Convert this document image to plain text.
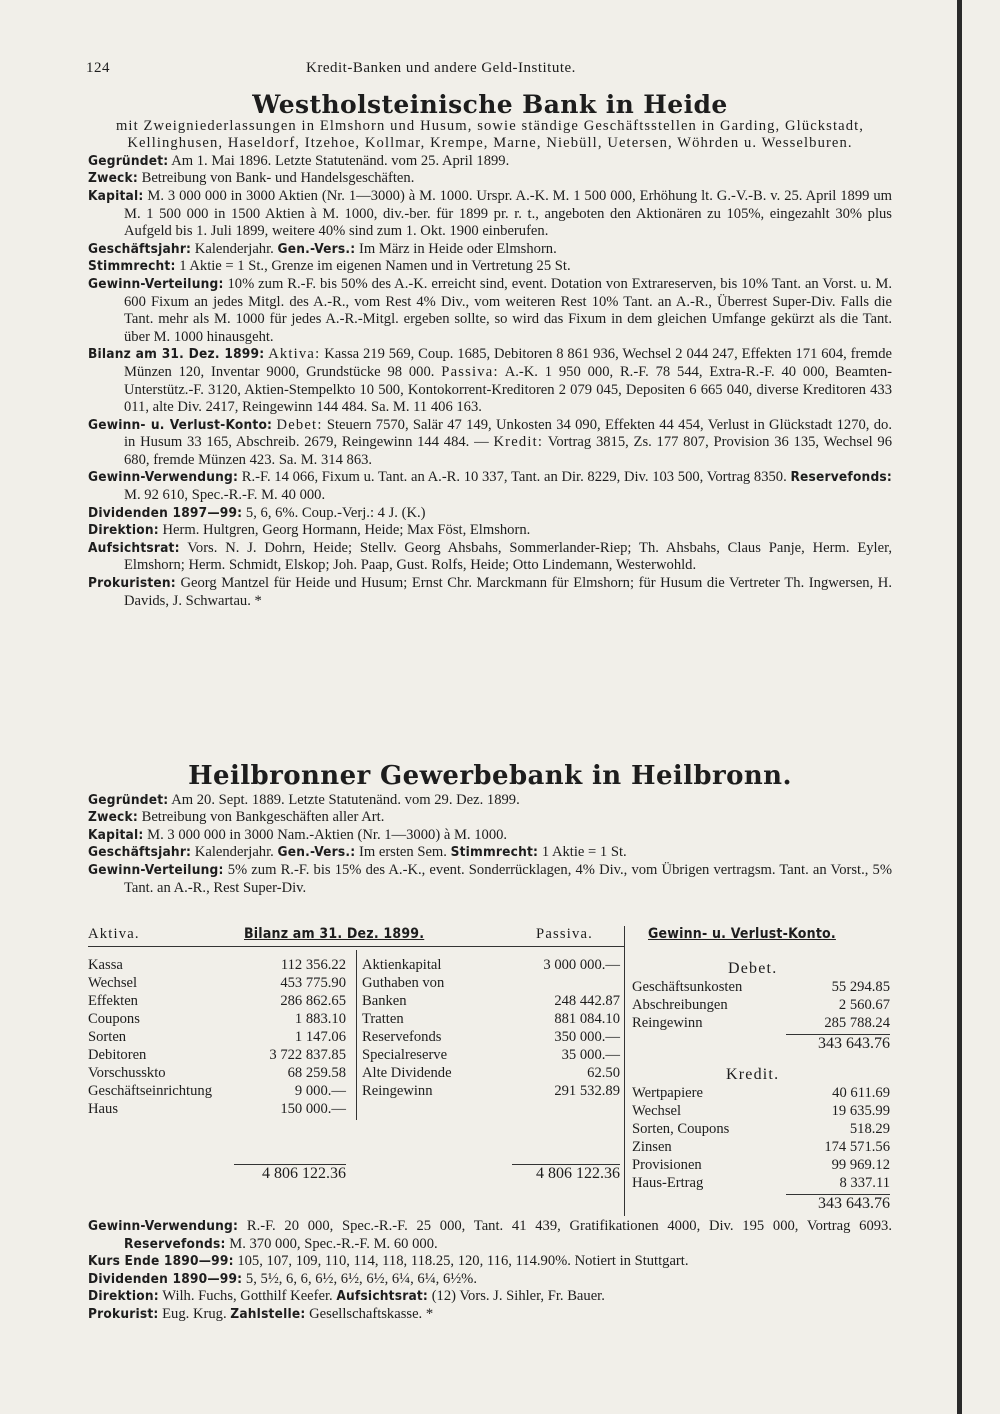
124	Kredit-Banken und andere Geld-Institute.
Westholsteinische Bank in Heide

mit Zweigniederlassungen in Elmshorn und Husum, sowie ständige Geschäftsstellen in Garding, Glückstadt, Kellinghusen, Haseldorf, Itzehoe, Kollmar, Krempe, Marne, Niebüll, Uetersen, Wöhrden u. Wesselburen.

Gegründet: Am 1. Mai 1896. Letzte Statutenänd. vom 25. April 1899.

Zweck: Betreibung von Bank- und Handelsgeschäften.

Kapital: M. 3 000 000 in 3000 Aktien (Nr. 1—3000) à M. 1000. Urspr. A.-K. M. 1 500 000, Erhöhung lt. G.-V.-B. v. 25. April 1899 um M. 1 500 000 in 1500 Aktien à M. 1000, div.-ber. für 1899 pr. r. t., angeboten den Aktionären zu 105%, eingezahlt 30% plus Aufgeld bis 1. Juli 1899, weitere 40% sind zum 1. Okt. 1900 einberufen.

Geschäftsjahr: Kalenderjahr. Gen.-Vers.: Im März in Heide oder Elmshorn.

Stimmrecht: 1 Aktie = 1 St., Grenze im eigenen Namen und in Vertretung 25 St.

Gewinn-Verteilung: 10% zum R.-F. bis 50% des A.-K. erreicht sind, event. Dotation von Extrareserven, bis 10% Tant. an Vorst. u. M. 600 Fixum an jedes Mitgl. des A.-R., vom Rest 4% Div., vom weiteren Rest 10% Tant. an A.-R., Überrest Super-Div. Falls die Tant. mehr als M. 1000 für jedes A.-R.-Mitgl. ergeben sollte, so wird das Fixum in dem gleichen Umfange gekürzt als die Tant. über M. 1000 hinausgeht.

Bilanz am 31. Dez. 1899: Aktiva: Kassa 219 569, Coup. 1685, Debitoren 8 861 936, Wechsel 2 044 247, Effekten 171 604, fremde Münzen 120, Inventar 9000, Grundstücke 98 000. Passiva: A.-K. 1 950 000, R.-F. 78 544, Extra-R.-F. 40 000, Beamten-Unterstütz.-F. 3120, Aktien-Stempelkto 10 500, Kontokorrent-Kreditoren 2 079 045, Depositen 6 665 040, diverse Kreditoren 433 011, alte Div. 2417, Reingewinn 144 484. Sa. M. 11 406 163.

Gewinn- u. Verlust-Konto: Debet: Steuern 7570, Salär 47 149, Unkosten 34 090, Effekten 44 454, Verlust in Glückstadt 1270, do. in Husum 33 165, Abschreib. 2679, Reingewinn 144 484. — Kredit: Vortrag 3815, Zs. 177 807, Provision 36 135, Wechsel 96 680, fremde Münzen 423. Sa. M. 314 863.

Gewinn-Verwendung: R.-F. 14 066, Fixum u. Tant. an A.-R. 10 337, Tant. an Dir. 8229, Div. 103 500, Vortrag 8350. Reservefonds: M. 92 610, Spec.-R.-F. M. 40 000.

Dividenden 1897—99: 5, 6, 6%. Coup.-Verj.: 4 J. (K.)

Direktion: Herm. Hultgren, Georg Hormann, Heide; Max Föst, Elmshorn.

Aufsichtsrat: Vors. N. J. Dohrn, Heide; Stellv. Georg Ahsbahs, Sommerlander-Riep; Th. Ahsbahs, Claus Panje, Herm. Eyler, Elmshorn; Herm. Schmidt, Elskop; Joh. Paap, Gust. Rolfs, Heide; Otto Lindemann, Westerwohld.

Prokuristen: Georg Mantzel für Heide und Husum; Ernst Chr. Marckmann für Elmshorn; für Husum die Vertreter Th. Ingwersen, H. Davids, J. Schwartau. *

Heilbronner Gewerbebank in Heilbronn.

Gegründet: Am 20. Sept. 1889. Letzte Statutenänd. vom 29. Dez. 1899.

Zweck: Betreibung von Bankgeschäften aller Art.

Kapital: M. 3 000 000 in 3000 Nam.-Aktien (Nr. 1—3000) à M. 1000.

Geschäftsjahr: Kalenderjahr. Gen.-Vers.: Im ersten Sem. Stimmrecht: 1 Aktie = 1 St.

Gewinn-Verteilung: 5% zum R.-F. bis 15% des A.-K., event. Sonderrücklagen, 4% Div., vom Übrigen vertragsm. Tant. an Vorst., 5% Tant. an A.-R., Rest Super-Div.

Aktiva.	Bilanz am 31. Dez. 1899.	Passiva.	Gewinn- u. Verlust-Konto.
Kassa	112 356.22
Wechsel	453 775.90
Effekten	286 862.65
Coupons	1 883.10
Sorten	1 147.06
Debitoren	3 722 837.85
Vorschusskto	68 259.58
Geschäftseinrichtung	9 000.—
Haus	150 000.—
4 806 122.36
Aktienkapital	3 000 000.—
Guthaben von	
Banken	248 442.87
Tratten	881 084.10
Reservefonds	350 000.—
Specialreserve	35 000.—
Alte Dividende	62.50
Reingewinn	291 532.89
4 806 122.36
Debet.
Geschäftsunkosten	55 294.85
Abschreibungen	2 560.67
Reingewinn	285 788.24
343 643.76
Kredit.
Wertpapiere	40 611.69
Wechsel	19 635.99
Sorten, Coupons	518.29
Zinsen	174 571.56
Provisionen	99 969.12
Haus-Ertrag	8 337.11
343 643.76

Gewinn-Verwendung: R.-F. 20 000, Spec.-R.-F. 25 000, Tant. 41 439, Gratifikationen 4000, Div. 195 000, Vortrag 6093. Reservefonds: M. 370 000, Spec.-R.-F. M. 60 000.

Kurs Ende 1890—99: 105, 107, 109, 110, 114, 118, 118.25, 120, 116, 114.90%. Notiert in Stuttgart.

Dividenden 1890—99: 5, 5½, 6, 6, 6½, 6½, 6½, 6¼, 6¼, 6½%.

Direktion: Wilh. Fuchs, Gotthilf Keefer. Aufsichtsrat: (12) Vors. J. Sihler, Fr. Bauer.

Prokurist: Eug. Krug. Zahlstelle: Gesellschaftskasse. *
